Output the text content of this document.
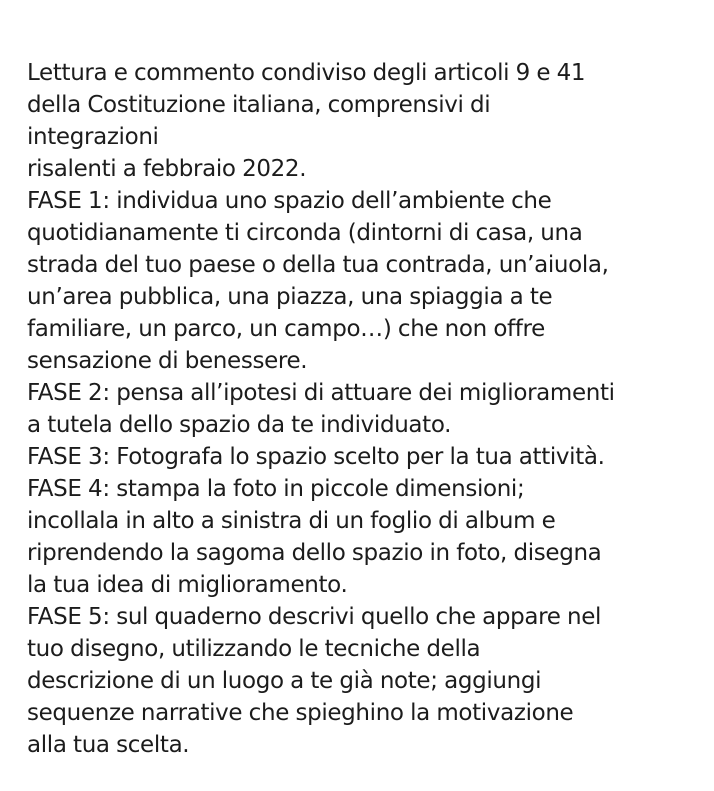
Lettura e commento condiviso degli articoli 9 e 41
della Costituzione italiana, comprensivi di
integrazioni
risalenti a febbraio 2022.
FASE 1: individua uno spazio dell’ambiente che
quotidianamente ti circonda (dintorni di casa, una
strada del tuo paese o della tua contrada, un’aiuola,
un’area pubblica, una piazza, una spiaggia a te
familiare, un parco, un campo…) che non offre
sensazione di benessere.
FASE 2: pensa all’ipotesi di attuare dei miglioramenti
a tutela dello spazio da te individuato.
FASE 3: Fotografa lo spazio scelto per la tua attività.
FASE 4: stampa la foto in piccole dimensioni;
incollala in alto a sinistra di un foglio di album e
riprendendo la sagoma dello spazio in foto, disegna
la tua idea di miglioramento.
FASE 5: sul quaderno descrivi quello che appare nel
tuo disegno, utilizzando le tecniche della
descrizione di un luogo a te già note; aggiungi
sequenze narrative che spieghino la motivazione
alla tua scelta.
